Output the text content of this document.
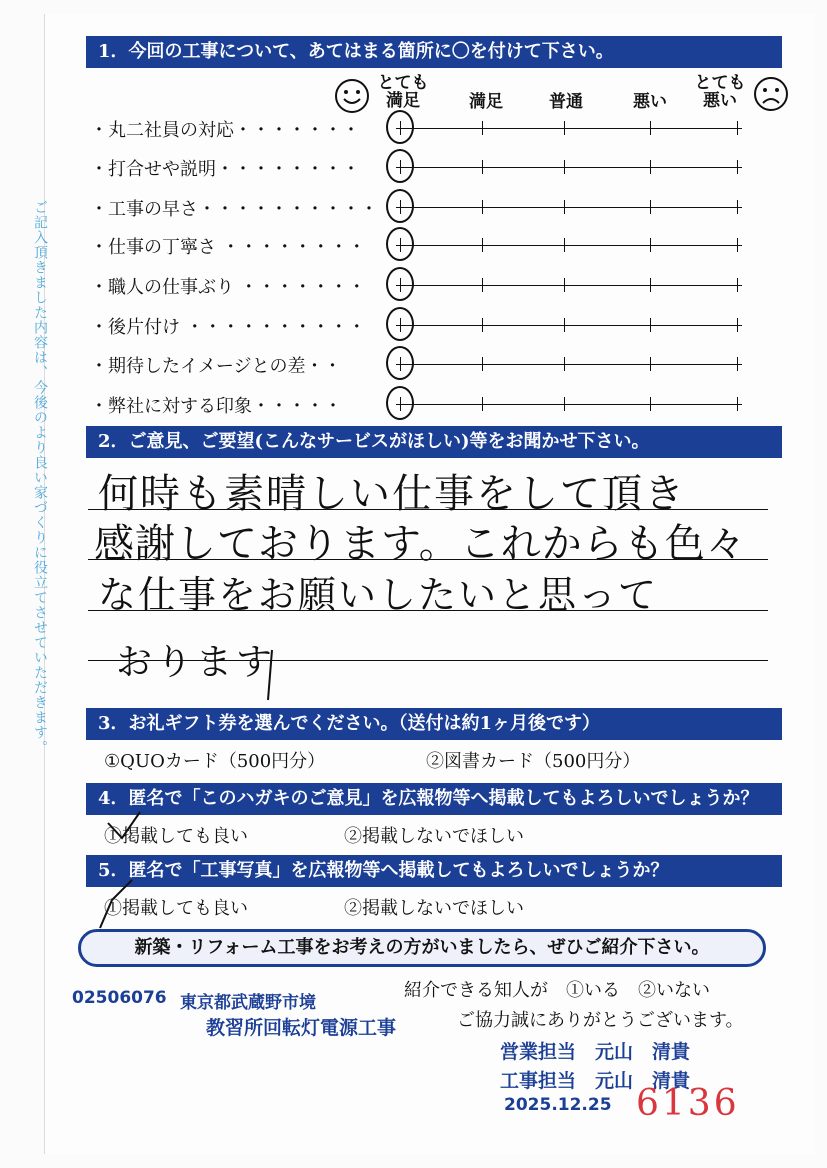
ご記入頂きました内容は、今後のより良い家づくりに役立てさせていただきます。
1．今回の工事について、あてはまる箇所に〇を付けて下さい。
とても満足	満足	普通	悪い
とても悪い
・丸二社員の対応・・・・・・・
・打合せや説明・・・・・・・・
・工事の早さ・・・・・・・・・・
・仕事の丁寧さ ・・・・・・・・
・職人の仕事ぶり ・・・・・・・
・後片付け ・・・・・・・・・・
・期待したイメージとの差・・
・弊社に対する印象・・・・・
2．ご意見、ご要望(こんなサービスがほしい)等をお聞かせ下さい。
何時も素晴しい仕事をして頂き
感謝しております。これからも色々
な仕事をお願いしたいと思って
おります
3．お礼ギフト券を選んでください。（送付は約1ヶ月後です）
①QUOカード（500円分）	②図書カード（500円分）
4．匿名で「このハガキのご意見」を広報物等へ掲載してもよろしいでしょうか？
①掲載しても良い	②掲載しないでほしい
5．匿名で「工事写真」を広報物等へ掲載してもよろしいでしょうか？
①掲載しても良い	②掲載しないでほしい
新築・リフォーム工事をお考えの方がいましたら、ぜひご紹介下さい。
紹介できる知人が　①いる　②いない
ご協力誠にありがとうございます。
02506076 東京都武蔵野市境
教習所回転灯電源工事
営業担当　元山　清貴
工事担当　元山　清貴
2025.12.25 6136
